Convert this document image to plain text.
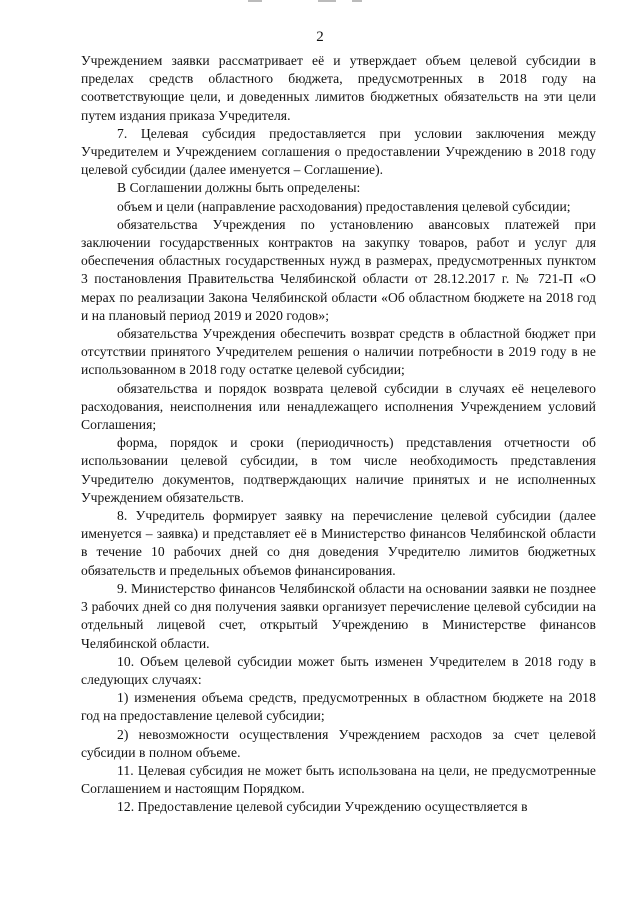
2

Учреждением заявки рассматривает её и утверждает объем целевой субсидии в пределах средств областного бюджета, предусмотренных в 2018 году на соответствующие цели, и доведенных лимитов бюджетных обязательств на эти цели путем издания приказа Учредителя.

7. Целевая субсидия предоставляется при условии заключения между Учредителем и Учреждением соглашения о предоставлении Учреждению в 2018 году целевой субсидии (далее именуется – Соглашение).

В Соглашении должны быть определены:

объем и цели (направление расходования) предоставления целевой субсидии;

обязательства Учреждения по установлению авансовых платежей при заключении государственных контрактов на закупку товаров, работ и услуг для обеспечения областных государственных нужд в размерах, предусмотренных пунктом 3 постановления Правительства Челябинской области от 28.12.2017 г. № 721-П «О мерах по реализации Закона Челябинской области «Об областном бюджете на 2018 год и на плановый период 2019 и 2020 годов»;

обязательства Учреждения обеспечить возврат средств в областной бюджет при отсутствии принятого Учредителем решения о наличии потребности в 2019 году в не использованном в 2018 году остатке целевой субсидии;

обязательства и порядок возврата целевой субсидии в случаях её нецелевого расходования, неисполнения или ненадлежащего исполнения Учреждением условий Соглашения;

форма, порядок и сроки (периодичность) представления отчетности об использовании целевой субсидии, в том числе необходимость представления Учредителю документов, подтверждающих наличие принятых и не исполненных Учреждением обязательств.

8. Учредитель формирует заявку на перечисление целевой субсидии (далее именуется – заявка) и представляет её в Министерство финансов Челябинской области в течение 10 рабочих дней со дня доведения Учредителю лимитов бюджетных обязательств и предельных объемов финансирования.

9. Министерство финансов Челябинской области на основании заявки не позднее 3 рабочих дней со дня получения заявки организует перечисление целевой субсидии на отдельный лицевой счет, открытый Учреждению в Министерстве финансов Челябинской области.

10. Объем целевой субсидии может быть изменен Учредителем в 2018 году в следующих случаях:

1) изменения объема средств, предусмотренных в областном бюджете на 2018 год на предоставление целевой субсидии;

2) невозможности осуществления Учреждением расходов за счет целевой субсидии в полном объеме.

11. Целевая субсидия не может быть использована на цели, не предусмотренные Соглашением и настоящим Порядком.

12. Предоставление целевой субсидии Учреждению осуществляется в
